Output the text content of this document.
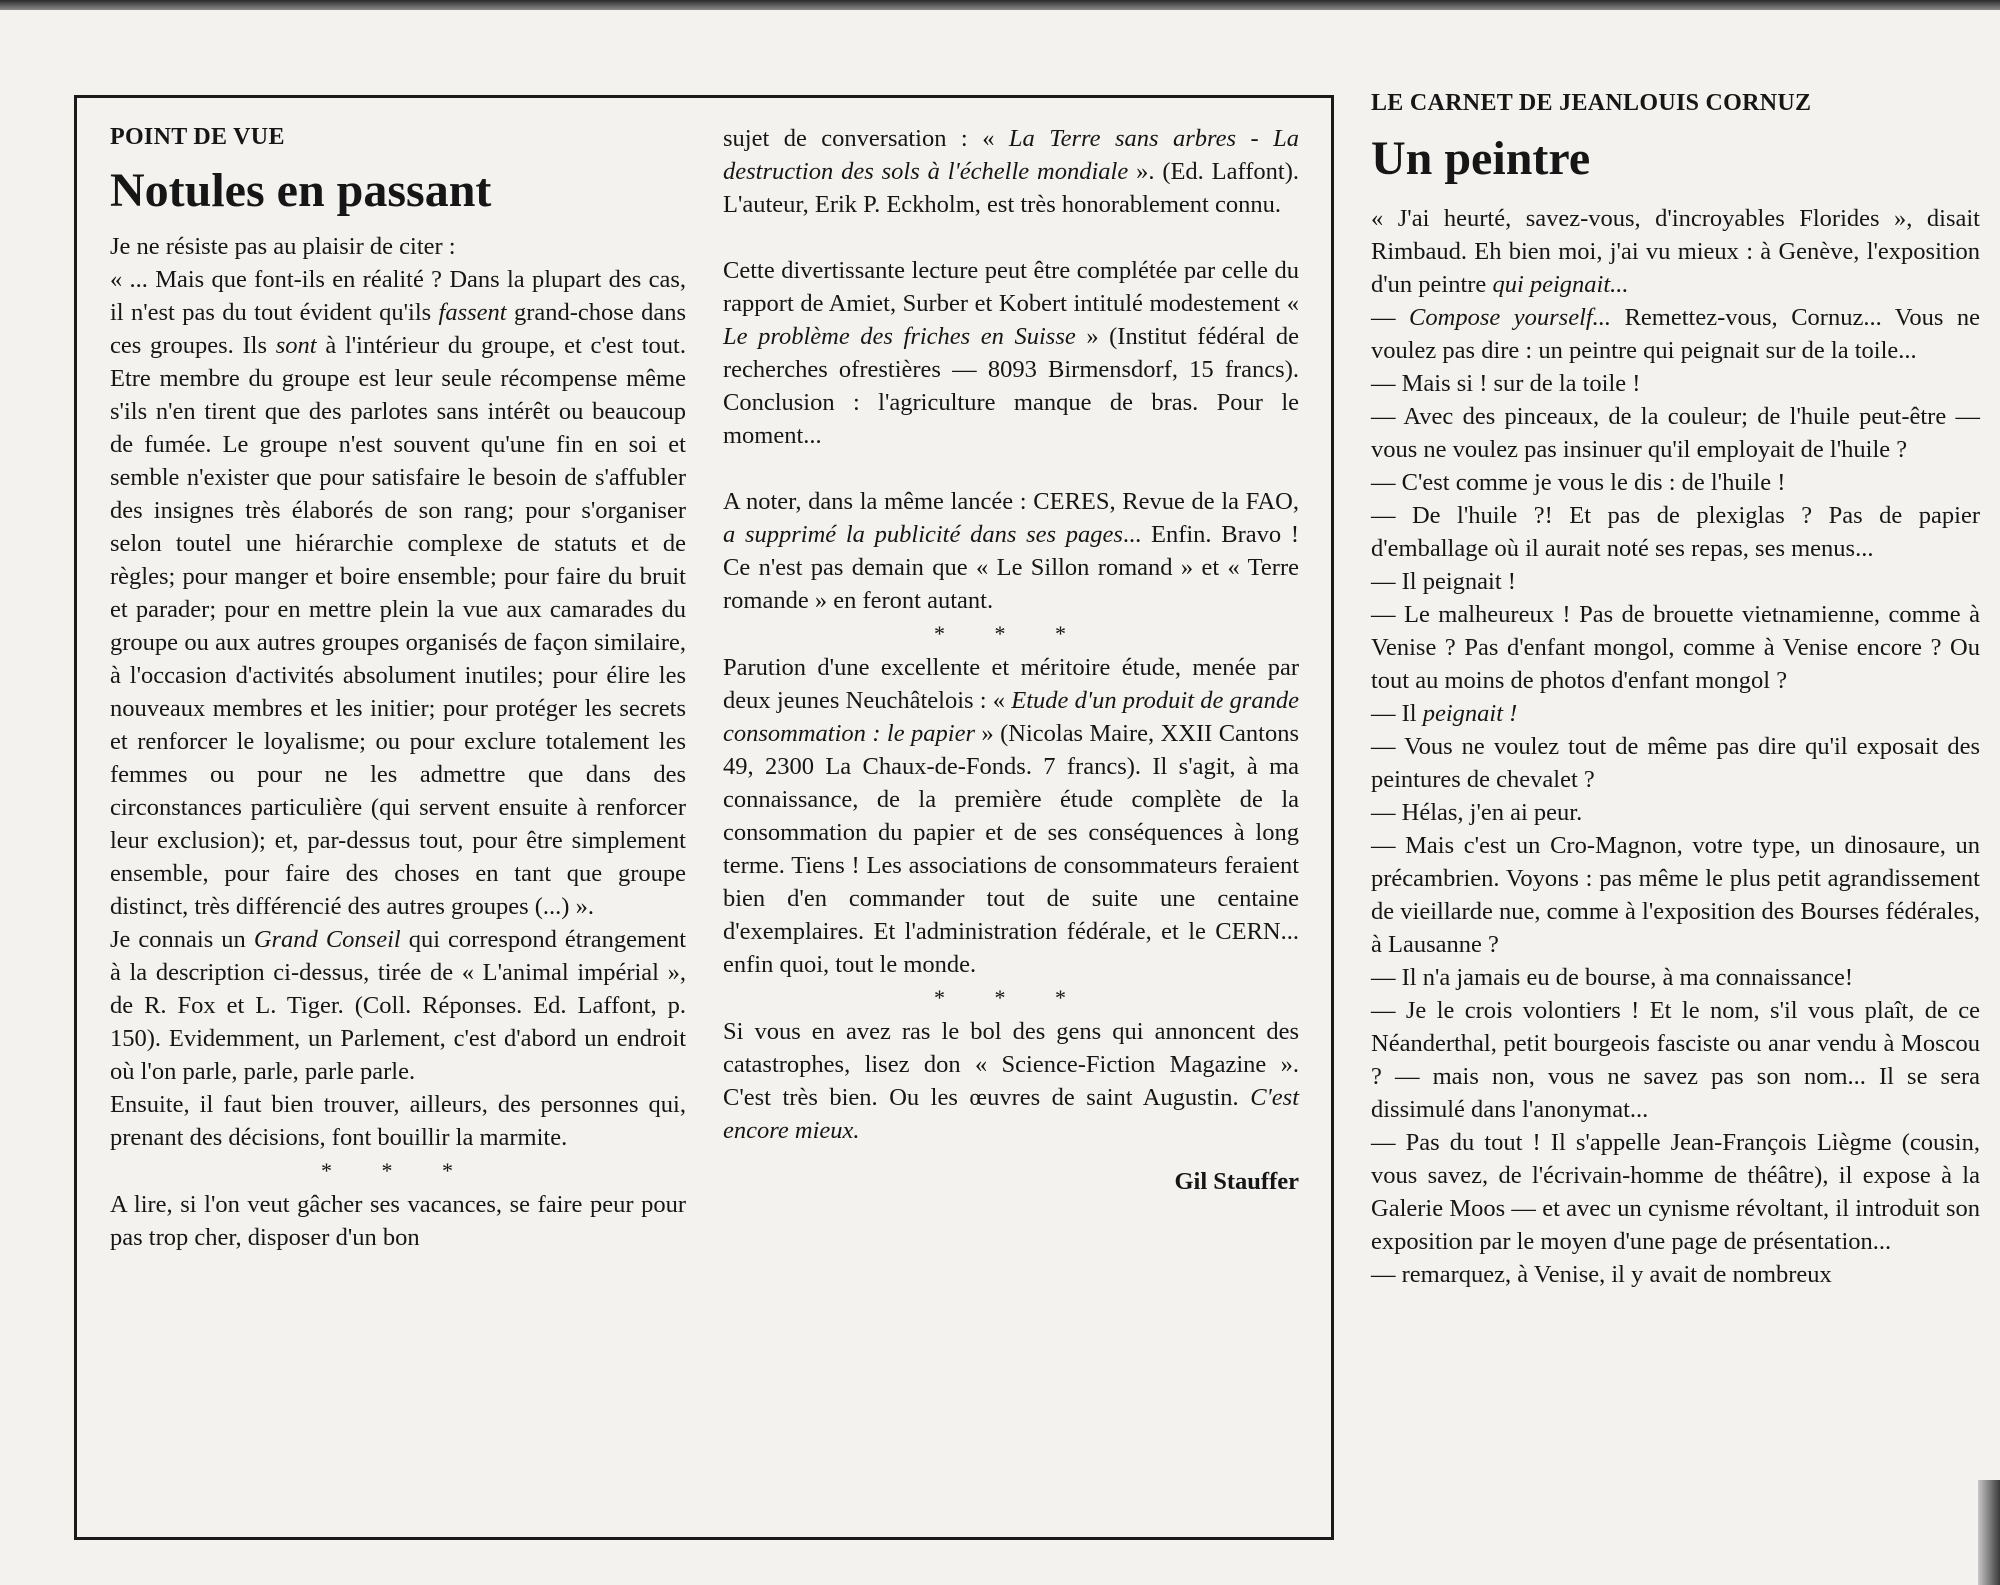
POINT DE VUE

Notules en passant

Je ne résiste pas au plaisir de citer :

« ... Mais que font-ils en réalité ? Dans la plupart des cas, il n'est pas du tout évident qu'ils fassent grand-chose dans ces groupes. Ils sont à l'intérieur du groupe, et c'est tout. Etre membre du groupe est leur seule récompense même s'ils n'en tirent que des parlotes sans intérêt ou beaucoup de fumée. Le groupe n'est souvent qu'une fin en soi et semble n'exister que pour satisfaire le besoin de s'affubler des insignes très élaborés de son rang; pour s'organiser selon toutel une hiérarchie complexe de statuts et de règles; pour manger et boire ensemble; pour faire du bruit et parader; pour en mettre plein la vue aux camarades du groupe ou aux autres groupes organisés de façon similaire, à l'occasion d'activités absolument inutiles; pour élire les nouveaux membres et les initier; pour protéger les secrets et renforcer le loyalisme; ou pour exclure totalement les femmes ou pour ne les admettre que dans des circonstances particulière (qui servent ensuite à renforcer leur exclusion); et, par-dessus tout, pour être simplement ensemble, pour faire des choses en tant que groupe distinct, très différencié des autres groupes (...) ».

Je connais un Grand Conseil qui correspond étrangement à la description ci-dessus, tirée de « L'animal impérial », de R. Fox et L. Tiger. (Coll. Réponses. Ed. Laffont, p. 150). Evidemment, un Parlement, c'est d'abord un endroit où l'on parle, parle, parle parle.

Ensuite, il faut bien trouver, ailleurs, des personnes qui, prenant des décisions, font bouillir la marmite.

* * *

A lire, si l'on veut gâcher ses vacances, se faire peur pour pas trop cher, disposer d'un bon

sujet de conversation : « La Terre sans arbres - La destruction des sols à l'échelle mondiale ». (Ed. Laffont). L'auteur, Erik P. Eckholm, est très honorablement connu.

Cette divertissante lecture peut être complétée par celle du rapport de Amiet, Surber et Kobert intitulé modestement « Le problème des friches en Suisse » (Institut fédéral de recherches ofrestières — 8093 Birmensdorf, 15 francs). Conclusion : l'agriculture manque de bras. Pour le moment...

A noter, dans la même lancée : CERES, Revue de la FAO, a supprimé la publicité dans ses pages... Enfin. Bravo ! Ce n'est pas demain que « Le Sillon romand » et « Terre romande » en feront autant.

* * *

Parution d'une excellente et méritoire étude, menée par deux jeunes Neuchâtelois : « Etude d'un produit de grande consommation : le papier » (Nicolas Maire, XXII Cantons 49, 2300 La Chaux-de-Fonds. 7 francs). Il s'agit, à ma connaissance, de la première étude complète de la consommation du papier et de ses conséquences à long terme. Tiens ! Les associations de consommateurs feraient bien d'en commander tout de suite une centaine d'exemplaires. Et l'administration fédérale, et le CERN... enfin quoi, tout le monde.

* * *

Si vous en avez ras le bol des gens qui annoncent des catastrophes, lisez don « Science-Fiction Magazine ». C'est très bien. Ou les œuvres de saint Augustin. C'est encore mieux.

Gil Stauffer

LE CARNET DE JEANLOUIS CORNUZ

Un peintre

« J'ai heurté, savez-vous, d'incroyables Florides », disait Rimbaud. Eh bien moi, j'ai vu mieux : à Genève, l'exposition d'un peintre qui peignait...

— Compose yourself... Remettez-vous, Cornuz... Vous ne voulez pas dire : un peintre qui peignait sur de la toile...

— Mais si ! sur de la toile !

— Avec des pinceaux, de la couleur; de l'huile peut-être — vous ne voulez pas insinuer qu'il employait de l'huile ?

— C'est comme je vous le dis : de l'huile !

— De l'huile ?! Et pas de plexiglas ? Pas de papier d'emballage où il aurait noté ses repas, ses menus...

— Il peignait !

— Le malheureux ! Pas de brouette vietnamienne, comme à Venise ? Pas d'enfant mongol, comme à Venise encore ? Ou tout au moins de photos d'enfant mongol ?

— Il peignait !

— Vous ne voulez tout de même pas dire qu'il exposait des peintures de chevalet ?

— Hélas, j'en ai peur.

— Mais c'est un Cro-Magnon, votre type, un dinosaure, un précambrien. Voyons : pas même le plus petit agrandissement de vieillarde nue, comme à l'exposition des Bourses fédérales, à Lausanne ?

— Il n'a jamais eu de bourse, à ma connaissance!

— Je le crois volontiers ! Et le nom, s'il vous plaît, de ce Néanderthal, petit bourgeois fasciste ou anar vendu à Moscou ? — mais non, vous ne savez pas son nom... Il se sera dissimulé dans l'anonymat...

— Pas du tout ! Il s'appelle Jean-François Liègme (cousin, vous savez, de l'écrivain-homme de théâtre), il expose à la Galerie Moos — et avec un cynisme révoltant, il introduit son exposition par le moyen d'une page de présentation...

— remarquez, à Venise, il y avait de nombreux
